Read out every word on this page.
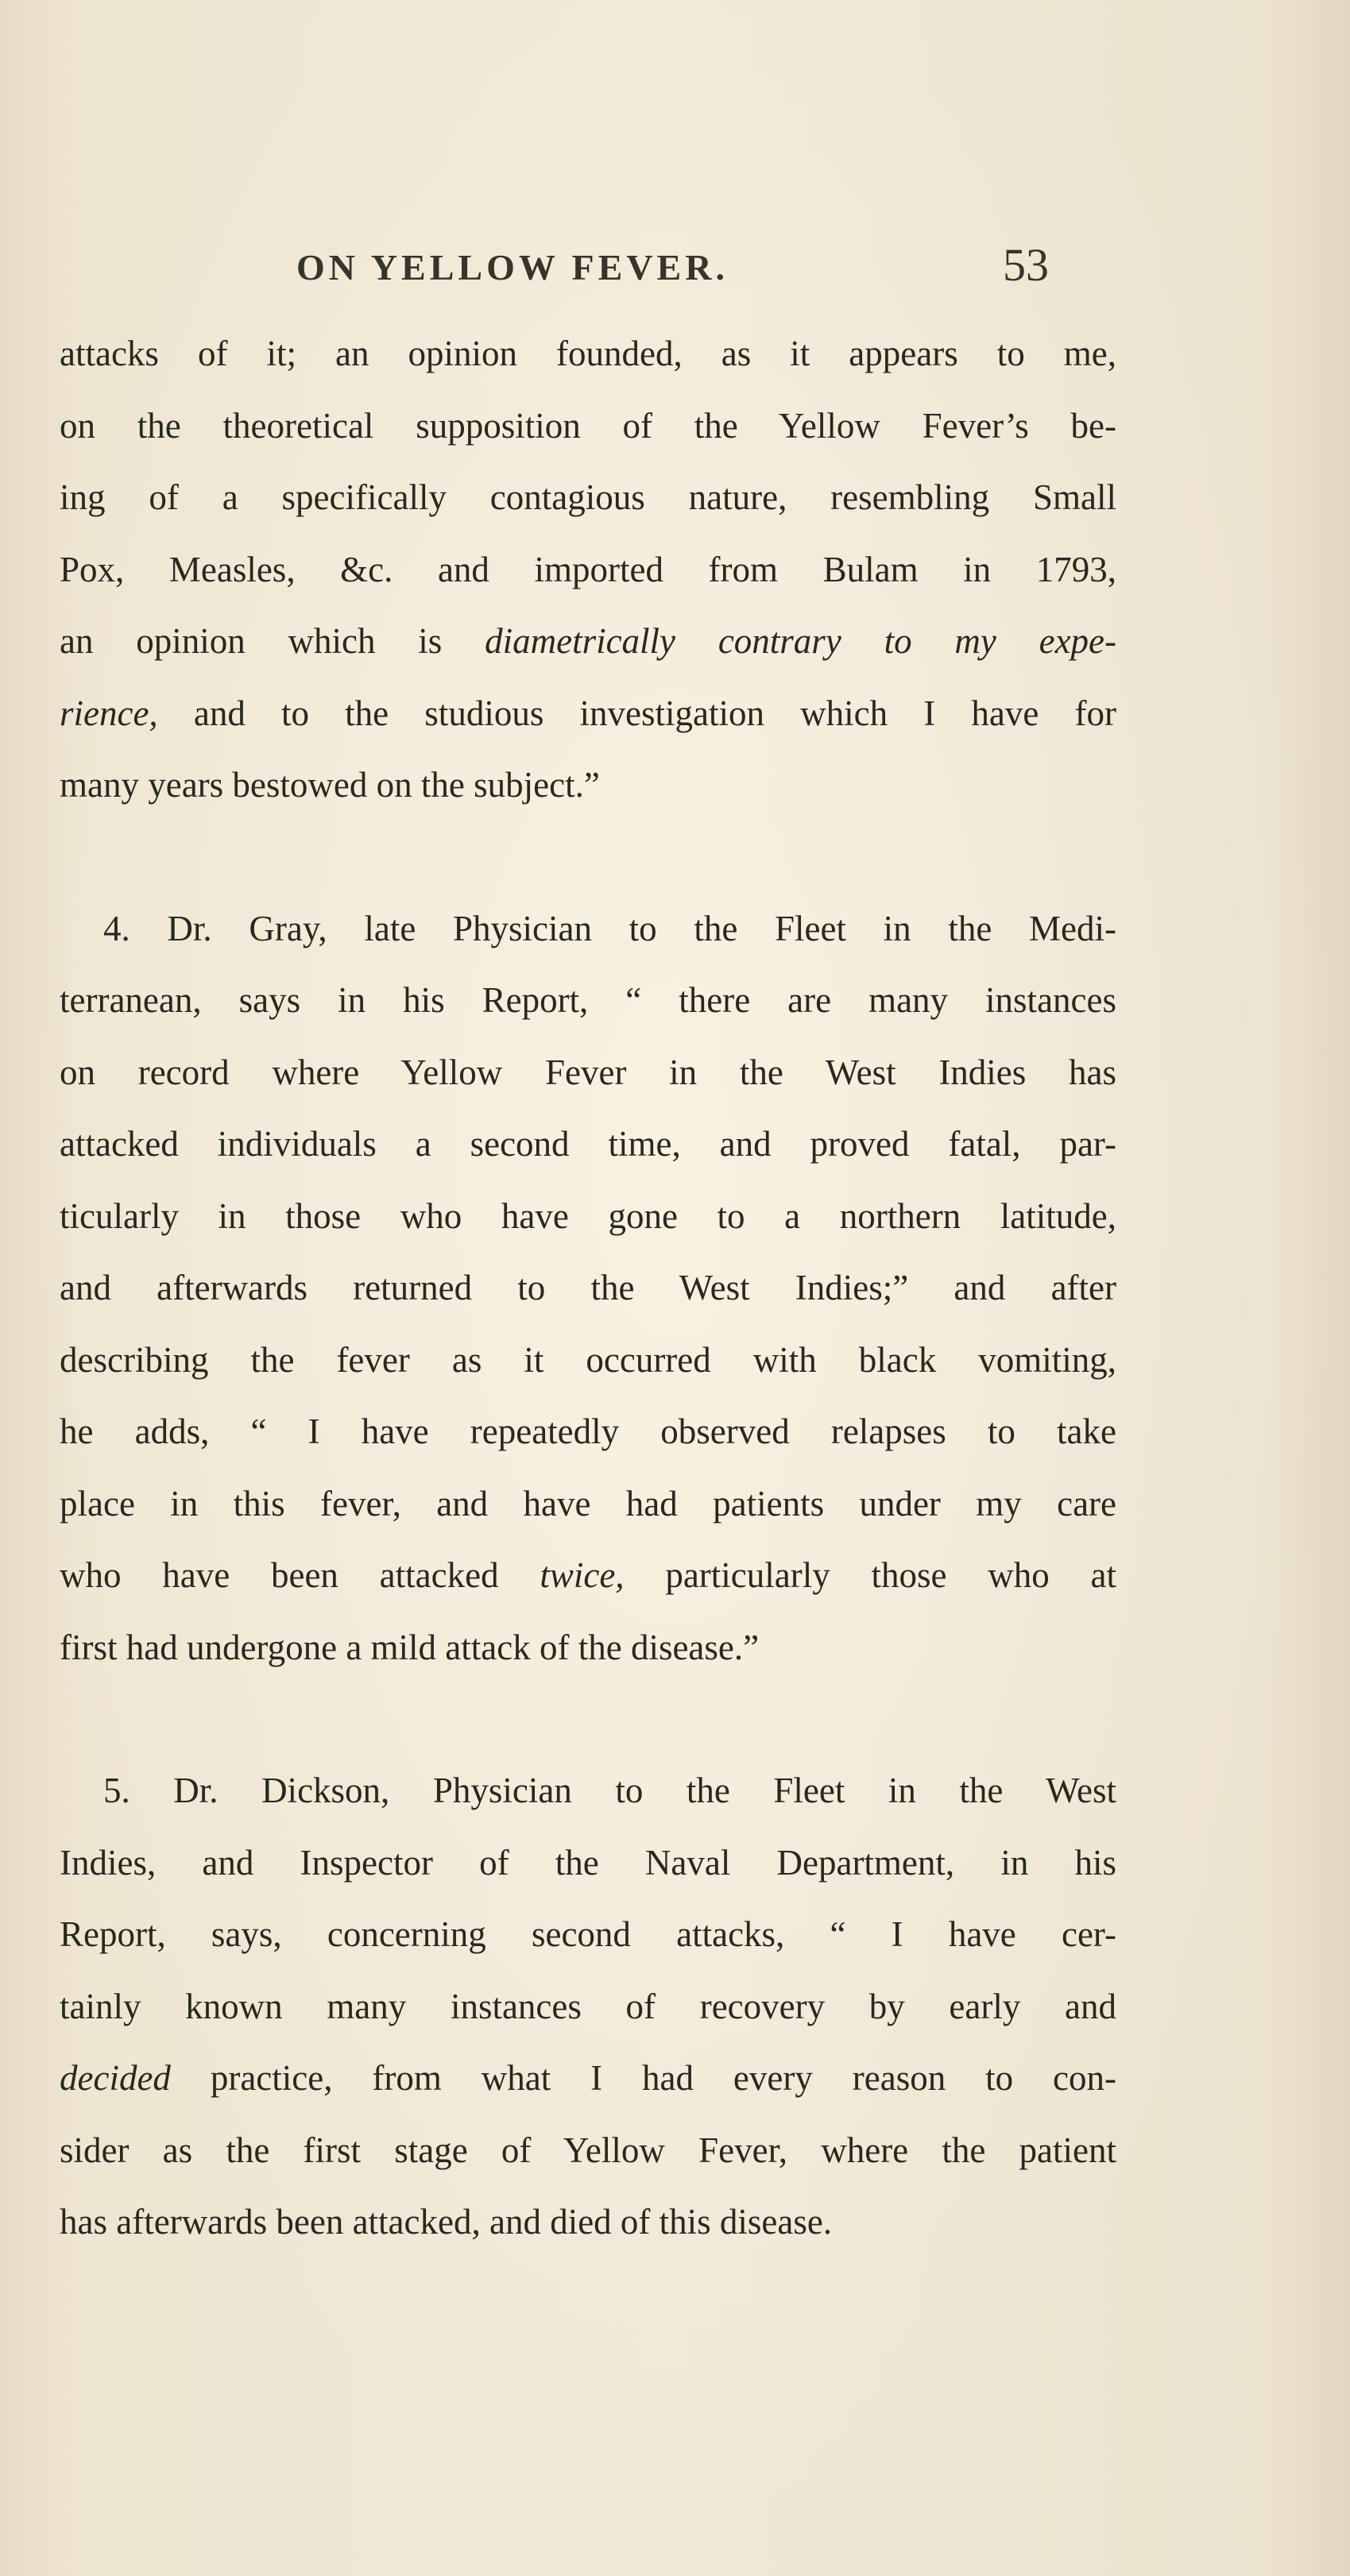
ON YELLOW FEVER.	53

attacks of it; an opinion founded, as it appears to me,
on the theoretical supposition of the Yellow Fever’s be-
ing of a specifically contagious nature, resembling Small
Pox, Measles, &c. and imported from Bulam in 1793,
an opinion which is diametrically contrary to my expe-
rience, and to the studious investigation which I have for
many years bestowed on the subject.”

4. Dr. Gray, late Physician to the Fleet in the Medi-
terranean, says in his Report, “ there are many instances
on record where Yellow Fever in the West Indies has
attacked individuals a second time, and proved fatal, par-
ticularly in those who have gone to a northern latitude,
and afterwards returned to the West Indies;” and after
describing the fever as it occurred with black vomiting,
he adds, “ I have repeatedly observed relapses to take
place in this fever, and have had patients under my care
who have been attacked twice, particularly those who at
first had undergone a mild attack of the disease.”

5. Dr. Dickson, Physician to the Fleet in the West
Indies, and Inspector of the Naval Department, in his
Report, says, concerning second attacks, “ I have cer-
tainly known many instances of recovery by early and
decided practice, from what I had every reason to con-
sider as the first stage of Yellow Fever, where the patient
has afterwards been attacked, and died of this disease.
